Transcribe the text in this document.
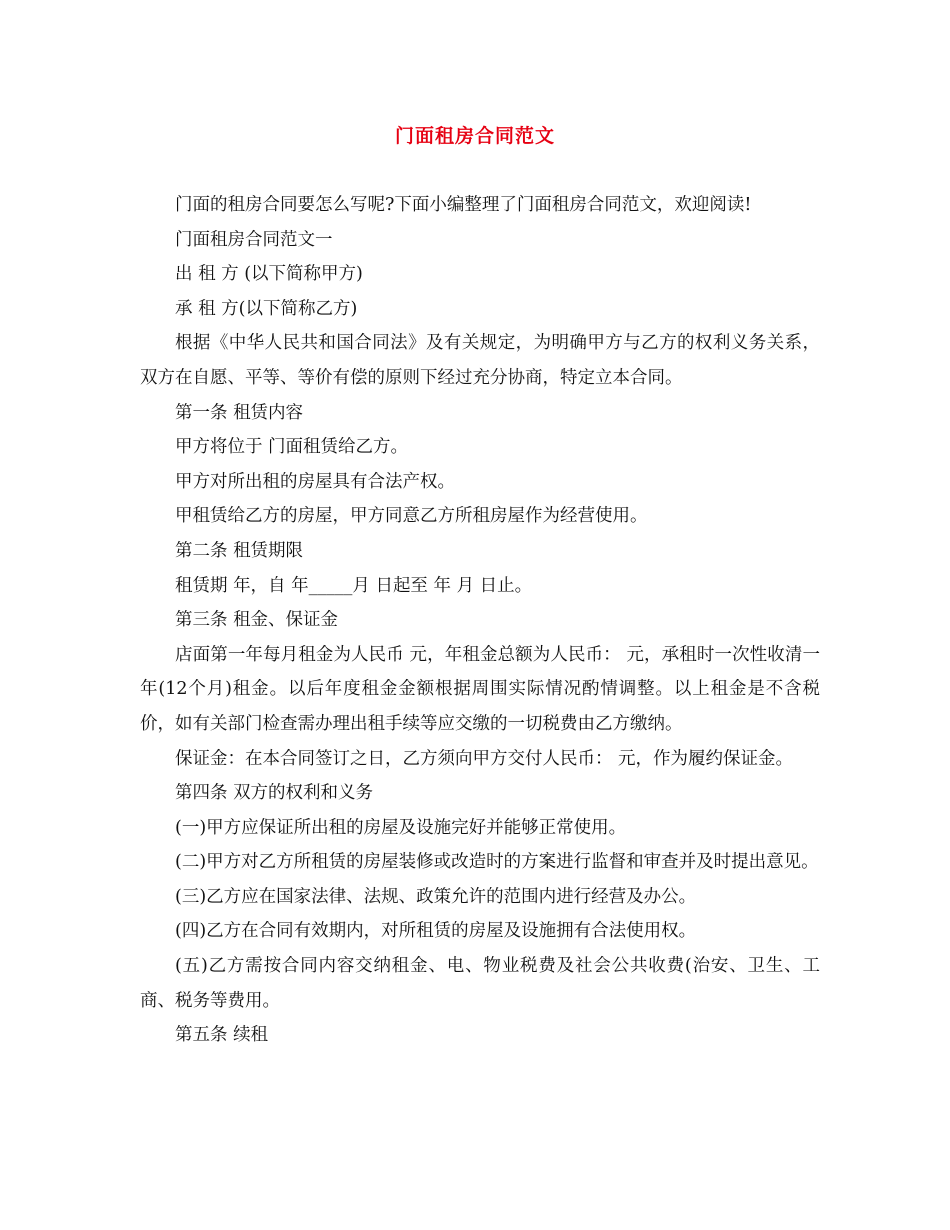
门面租房合同范文

门面的租房合同要怎么写呢?下面小编整理了门面租房合同范文，欢迎阅读!

门面租房合同范文一

出 租 方 (以下简称甲方)

承 租 方(以下简称乙方)

根据《中华人民共和国合同法》及有关规定，为明确甲方与乙方的权利义务关系，双方在自愿、平等、等价有偿的原则下经过充分协商，特定立本合同。

第一条 租赁内容

甲方将位于 门面租赁给乙方。

甲方对所出租的房屋具有合法产权。

甲租赁给乙方的房屋，甲方同意乙方所租房屋作为经营使用。

第二条 租赁期限

租赁期 年，自 年_____月 日起至 年 月 日止。

第三条 租金、保证金

店面第一年每月租金为人民币 元，年租金总额为人民币： 元，承租时一次性收清一年(12个月)租金。以后年度租金金额根据周围实际情况酌情调整。以上租金是不含税价，如有关部门检查需办理出租手续等应交缴的一切税费由乙方缴纳。

保证金：在本合同签订之日，乙方须向甲方交付人民币： 元，作为履约保证金。

第四条 双方的权利和义务

(一)甲方应保证所出租的房屋及设施完好并能够正常使用。

(二)甲方对乙方所租赁的房屋装修或改造时的方案进行监督和审查并及时提出意见。

(三)乙方应在国家法律、法规、政策允许的范围内进行经营及办公。

(四)乙方在合同有效期内，对所租赁的房屋及设施拥有合法使用权。

(五)乙方需按合同内容交纳租金、电、物业税费及社会公共收费(治安、卫生、工商、税务等费用。

第五条 续租
